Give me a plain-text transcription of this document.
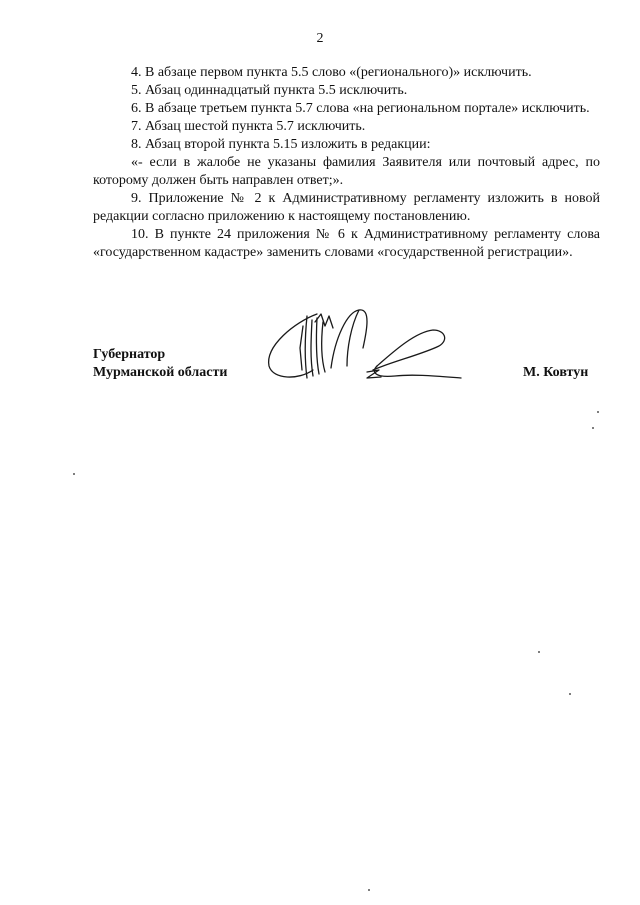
2

4. В абзаце первом пункта 5.5 слово «(регионального)» исключить.

5. Абзац одиннадцатый пункта 5.5 исключить.

6. В абзаце третьем пункта 5.7 слова «на региональном портале» исключить.

7. Абзац шестой пункта 5.7 исключить.

8. Абзац второй пункта 5.15 изложить в редакции:

«- если в жалобе не указаны фамилия Заявителя или почтовый адрес, по которому должен быть направлен ответ;».

9. Приложение № 2 к Административному регламенту изложить в новой редакции согласно приложению к настоящему постановлению.

10. В пункте 24 приложения № 6 к Административному регламенту слова «государственном кадастре» заменить словами «государственной регистрации».

Губернатор
Мурманской области	М. Ковтун
